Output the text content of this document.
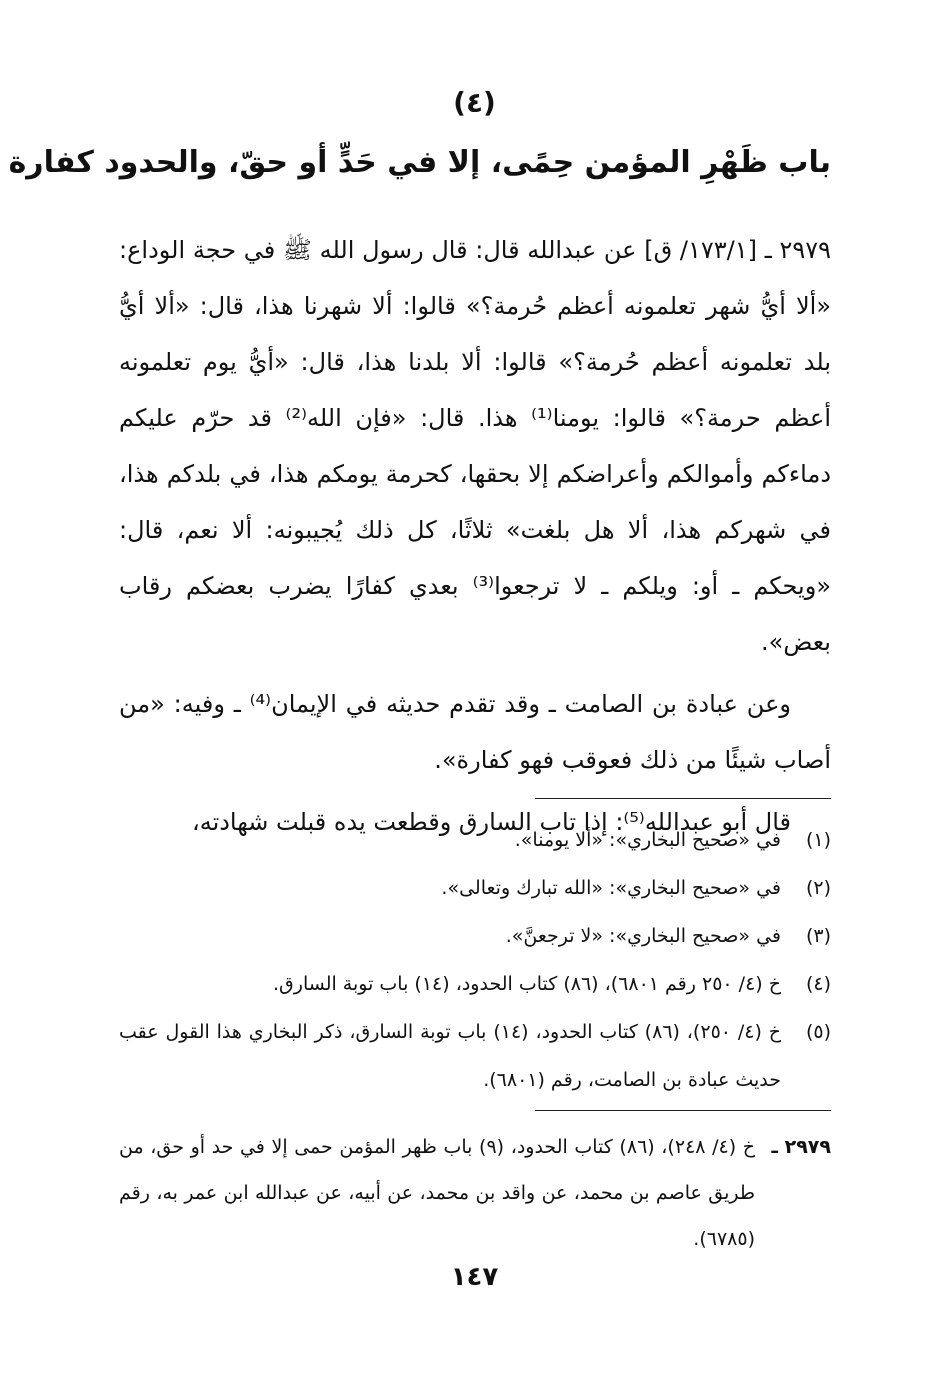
(٤)
باب ظَهْرِ المؤمن حِمًى، إلا في حَدٍّ أو حقّ، والحدود كفارة

٢٩٧٩ ـ [١٧٣/١/ ق] عن عبدالله قال: قال رسول الله ﷺ في حجة الوداع: «ألا أيُّ شهر تعلمونه أعظم حُرمة؟» قالوا: ألا شهرنا هذا، قال: «ألا أيُّ بلد تعلمونه أعظم حُرمة؟» قالوا: ألا بلدنا هذا، قال: «أيُّ يوم تعلمونه أعظم حرمة؟» قالوا: يومنا⁽¹⁾ هذا. قال: «فإن الله⁽²⁾ قد حرّم عليكم دماءكم وأموالكم وأعراضكم إلا بحقها، كحرمة يومكم هذا، في بلدكم هذا، في شهركم هذا، ألا هل بلغت» ثلاثًا، كل ذلك يُجيبونه: ألا نعم، قال: «ويحكم ـ أو: ويلكم ـ لا ترجعوا⁽³⁾ بعدي كفارًا يضرب بعضكم رقاب بعض».

وعن عبادة بن الصامت ـ وقد تقدم حديثه في الإيمان⁽⁴⁾ ـ وفيه: «من أصاب شيئًا من ذلك فعوقب فهو كفارة».

قال أبو عبدالله⁽⁵⁾: إذا تاب السارق وقطعت يده قبلت شهادته،

(١)
في «صحيح البخاري»: «ألا يومنا».
(٢)
في «صحيح البخاري»: «الله تبارك وتعالى».
(٣)
في «صحيح البخاري»: «لا ترجعنَّ».
(٤)
خ (٤/ ٢٥٠ رقم ٦٨٠١)، (٨٦) كتاب الحدود، (١٤) باب توبة السارق.
(٥)
خ (٤/ ٢٥٠)، (٨٦) كتاب الحدود، (١٤) باب توبة السارق، ذكر البخاري هذا القول عقب حديث عبادة بن الصامت، رقم (٦٨٠١).
٢٩٧٩ ـ
خ (٤/ ٢٤٨)، (٨٦) كتاب الحدود، (٩) باب ظهر المؤمن حمى إلا في حد أو حق، من طريق عاصم بن محمد، عن واقد بن محمد، عن أبيه، عن عبدالله ابن عمر به، رقم (٦٧٨٥).
١٤٧
